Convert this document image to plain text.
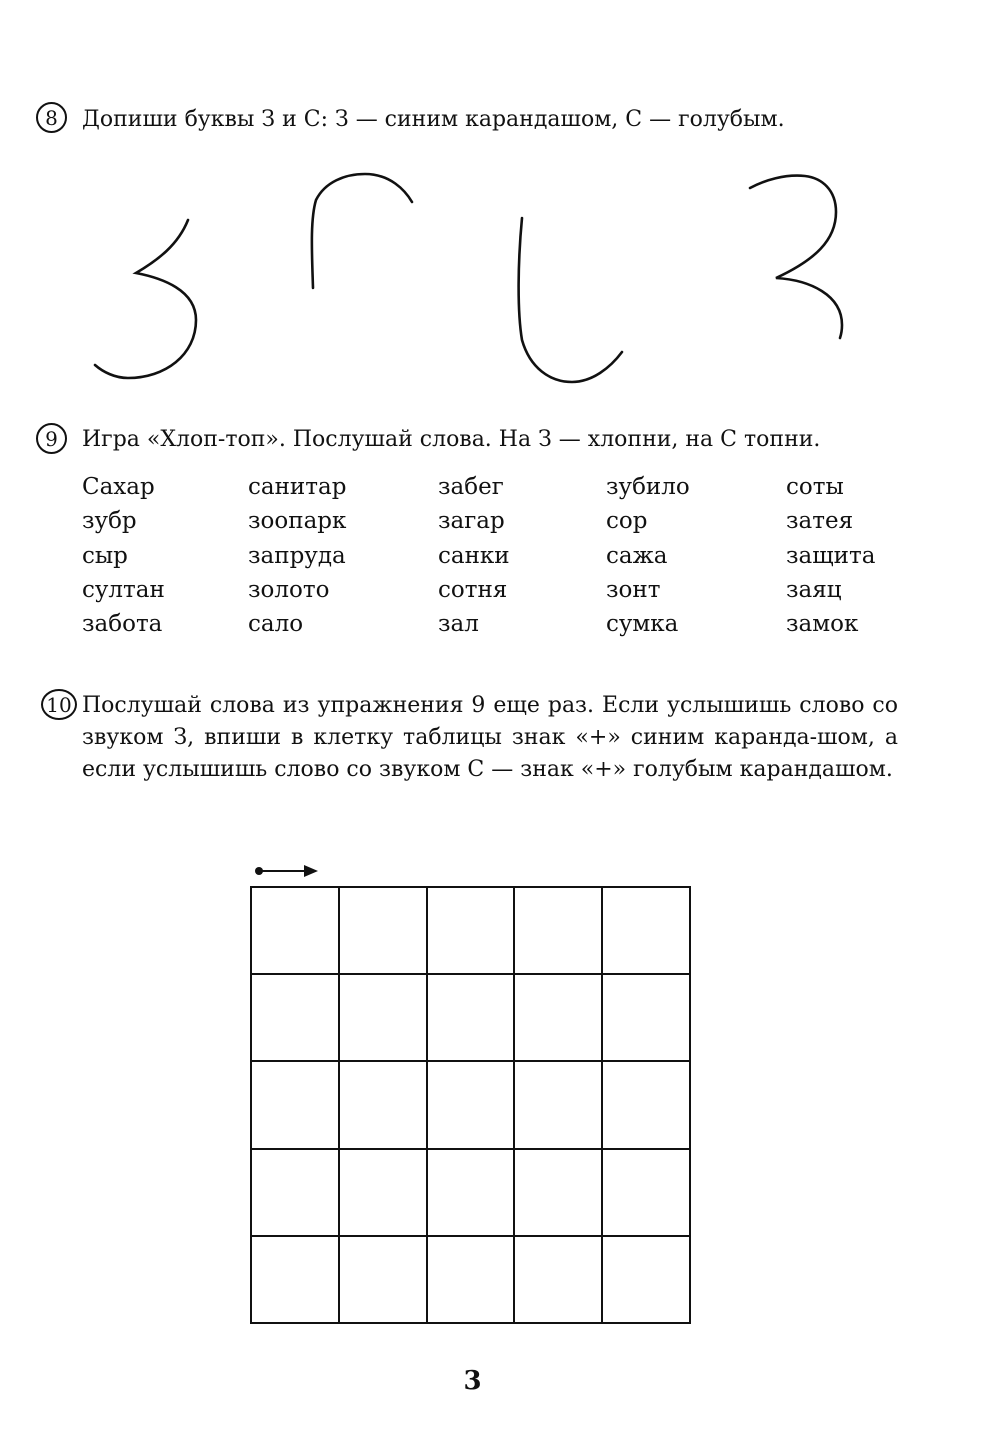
8 Допиши буквы З и С: З — синим карандашом, С — голубым.
9 Игра «Хлоп-топ». Послушай слова. На З — хлопни, на С топни.
Сахар
зубр
сыр
султан
забота
санитар
зоопарк
запруда
золото
сало
забег
загар
санки
сотня
зал
зубило
сор
сажа
зонт
сумка
соты
затея
защита
заяц
замок
10 Послушай слова из упражнения 9 еще раз. Если услышишь слово со звуком З, впиши в клетку таблицы знак «+» синим каранда-шом, а если услышишь слово со звуком С — знак «+» голубым карандашом.
3
